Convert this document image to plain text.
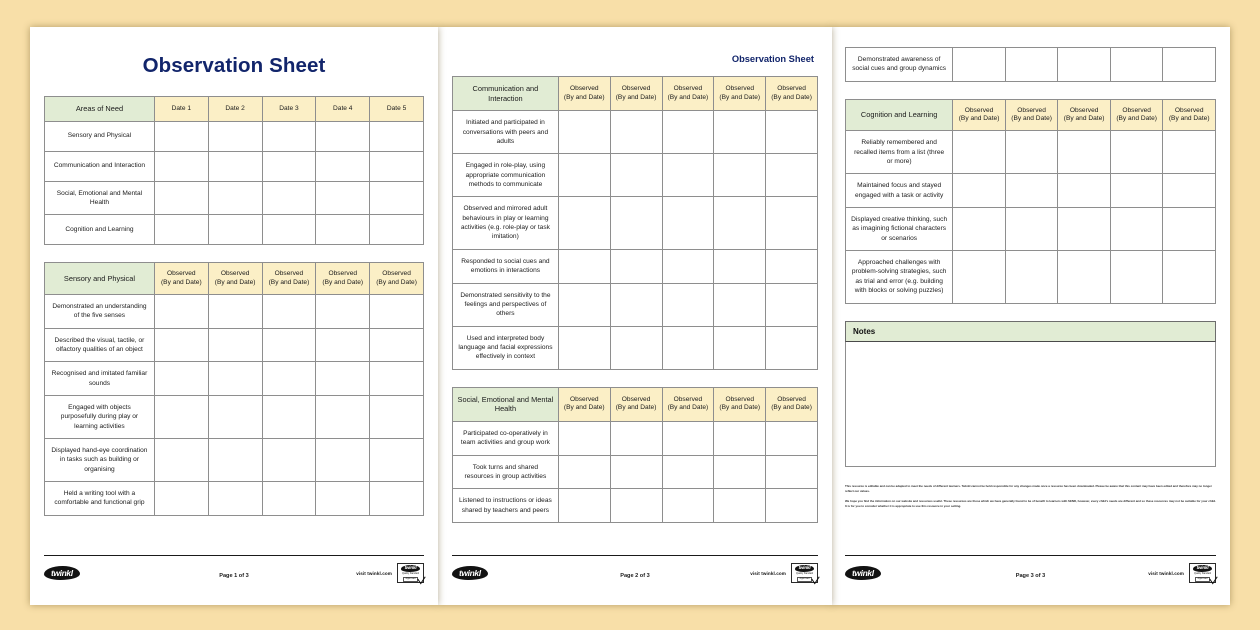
Observation Sheet
Areas of Need	Date 1	Date 2	Date 3	Date 4	Date 5
Sensory and Physical					
Communication and Interaction					
Social, Emotional and Mental Health					
Cognition and Learning					
Sensory and Physical	Observed
(By and Date)	Observed
(By and Date)	Observed
(By and Date)	Observed
(By and Date)	Observed
(By and Date)

Demonstrated an understanding of the five senses					
Described the visual, tactile, or olfactory qualities of an object					
Recognised and imitated familiar sounds					
Engaged with objects purposefully during play or learning activities					
Displayed hand-eye coordination in tasks such as building or organising					
Held a writing tool with a comfortable and functional grip					
twinkl	Page 1 of 3	visit twinkl.com
twinkl
Quality Standard
Approved
Observation Sheet
Communication and Interaction	Observed
(By and Date)	Observed
(By and Date)	Observed
(By and Date)	Observed
(By and Date)	Observed
(By and Date)

Initiated and participated in conversations with peers and adults					
Engaged in role-play, using appropriate communication methods to communicate					
Observed and mirrored adult behaviours in play or learning activities (e.g. role-play or task imitation)					
Responded to social cues and emotions in interactions					
Demonstrated sensitivity to the feelings and perspectives of others					
Used and interpreted body language and facial expressions effectively in context					
Social, Emotional and Mental Health	Observed
(By and Date)	Observed
(By and Date)	Observed
(By and Date)	Observed
(By and Date)	Observed
(By and Date)

Participated co-operatively in team activities and group work					
Took turns and shared resources in group activities					
Listened to instructions or ideas shared by teachers and peers					
twinkl	Page 2 of 3	visit twinkl.com
twinkl
Quality Standard
Approved
Demonstrated awareness of social cues and group dynamics					
Cognition and Learning	Observed
(By and Date)	Observed
(By and Date)	Observed
(By and Date)	Observed
(By and Date)	Observed
(By and Date)

Reliably remembered and recalled items from a list (three or more)					
Maintained focus and stayed engaged with a task or activity					
Displayed creative thinking, such as imagining fictional characters or scenarios					
Approached challenges with problem-solving strategies, such as trial and error (e.g. building with blocks or solving puzzles)					
Notes

This resource is editable and can be adapted to meet the needs of different learners. Twinkl cannot be held responsible for any changes made once a resource has been downloaded. Please be aware that this content may have been edited and therefore may no longer reflect our values.

We hope you find the information on our website and resources useful. These resources are those which we have generally found to be of benefit to learners with SEND, however, every child's needs are different and so these resources may not be suitable for your child. It is for you to consider whether it is appropriate to use this resource in your setting.

twinkl	Page 3 of 3	visit twinkl.com
twinkl
Quality Standard
Approved
